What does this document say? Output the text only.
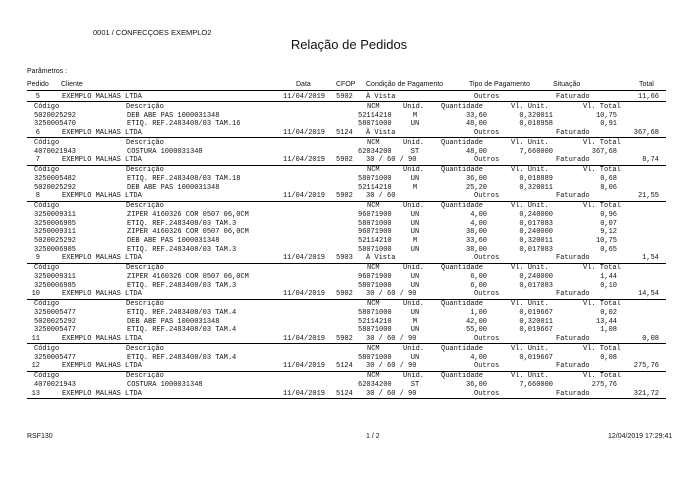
0001 / CONFECÇOES EXEMPLO2
Relação de Pedidos
Parâmetros :
Pedido Cliente	Data	CFOP Condição de Pagamento	Tipo de Pagamento	Situação	Total
5	EXEMPLO MALHAS LTDA	11/04/2019 5902 À Vista	Outros	Faturado	11,66
Código	Descrição	NCM	Unid. Quantidade	Vl. Unit.	Vl. Total
5020025292	DEB ABE PAS 1000031348	52114210	M	33,60	0,320011	10,75
3250005470	ETIQ. REF.2483408/03 TAM.16	58071000	UN	48,00	0,018958	0,91
6	EXEMPLO MALHAS LTDA	11/04/2019 5124 À Vista	Outros	Faturado	367,68
Código	Descrição	NCM	Unid. Quantidade	Vl. Unit.	Vl. Total
4070021943	COSTURA 1000031348	62034200	ST	48,00	7,660000	367,68
7	EXEMPLO MALHAS LTDA	11/04/2019 5902 30 / 60 / 90	Outros	Faturado	8,74
Código	Descrição	NCM	Unid. Quantidade	Vl. Unit.	Vl. Total
3250005482	ETIQ. REF.2483408/03 TAM.18	58071000	UN	36,00	0,018889	0,68
5020025292	DEB ABE PAS 1000031348	52114210	M	25,20	0,320011	8,06
8	EXEMPLO MALHAS LTDA	11/04/2019 5902 30 / 60	Outros	Faturado	21,55
Código	Descrição	NCM	Unid. Quantidade	Vl. Unit.	Vl. Total
3250009311	ZIPER 4160326 COR 0507 06,0CM	96071900	UN	4,00	0,240000	0,96
3250006985	ETIQ. REF.2483408/03 TAM.3	58071000	UN	4,00	0,017083	0,07
3250009311	ZIPER 4160326 COR 0507 06,0CM	96071900	UN	38,00	0,240000	9,12
5020025292	DEB ABE PAS 1000031348	52114210	M	33,60	0,320011	10,75
3250006985	ETIQ. REF.2483408/03 TAM.3	58071000	UN	38,00	0,017083	0,65
9	EXEMPLO MALHAS LTDA	11/04/2019 5903 À Vista	Outros	Faturado	1,54
Código	Descrição	NCM	Unid. Quantidade	Vl. Unit.	Vl. Total
3250009311	ZIPER 4160326 COR 0507 06,0CM	96071900	UN	6,00	0,240000	1,44
3250006985	ETIQ. REF.2483408/03 TAM.3	58071000	UN	6,00	0,017083	0,10
10	EXEMPLO MALHAS LTDA	11/04/2019 5902 30 / 60 / 90	Outros	Faturado	14,54
Código	Descrição	NCM	Unid. Quantidade	Vl. Unit.	Vl. Total
3250005477	ETIQ. REF.2483408/03 TAM.4	58071000	UN	1,00	0,019667	0,02
5020025292	DEB ABE PAS 1000031348	52114210	M	42,00	0,320011	13,44
3250005477	ETIQ. REF.2483408/03 TAM.4	58071000	UN	55,00	0,019667	1,08
11	EXEMPLO MALHAS LTDA	11/04/2019 5902 30 / 60 / 90	Outros	Faturado	0,08
Código	Descrição	NCM	Unid. Quantidade	Vl. Unit.	Vl. Total
3250005477	ETIQ. REF.2483408/03 TAM.4	58071000	UN	4,00	0,019667	0,08
12	EXEMPLO MALHAS LTDA	11/04/2019 5124 30 / 60 / 90	Outros	Faturado	275,76
Código	Descrição	NCM	Unid. Quantidade	Vl. Unit.	Vl. Total
4070021943	COSTURA 1000031348	62034200	ST	36,00	7,660000	275,76
13	EXEMPLO MALHAS LTDA	11/04/2019 5124 30 / 60 / 90	Outros	Faturado	321,72
RSF130	1 / 2	12/04/2019 17:29:41
